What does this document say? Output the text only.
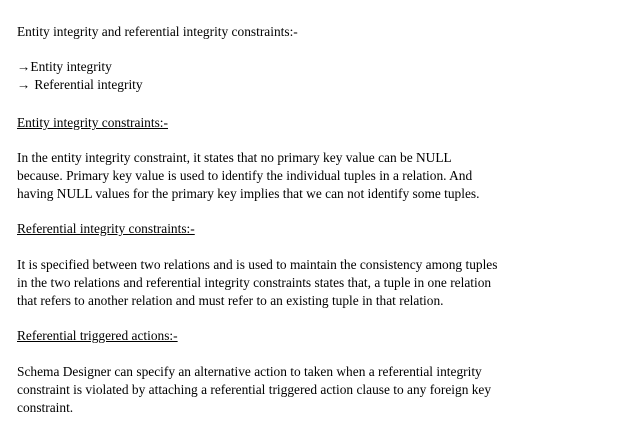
Entity integrity and referential integrity constraints:-
→Entity integrity
→ Referential integrity
Entity integrity constraints:-
In the entity integrity constraint, it states that no primary key value can be NULL
because. Primary key value is used to identify the individual tuples in a relation. And
having NULL values for the primary key implies that we can not identify some tuples.
Referential integrity constraints:-
It is specified between two relations and is used to maintain the consistency among tuples
in the two relations and referential integrity constraints states that, a tuple in one relation
that refers to another relation and must refer to an existing tuple in that relation.
Referential triggered actions:-
Schema Designer can specify an alternative action to taken when a referential integrity
constraint is violated by attaching a referential triggered action clause to any foreign key
constraint.
